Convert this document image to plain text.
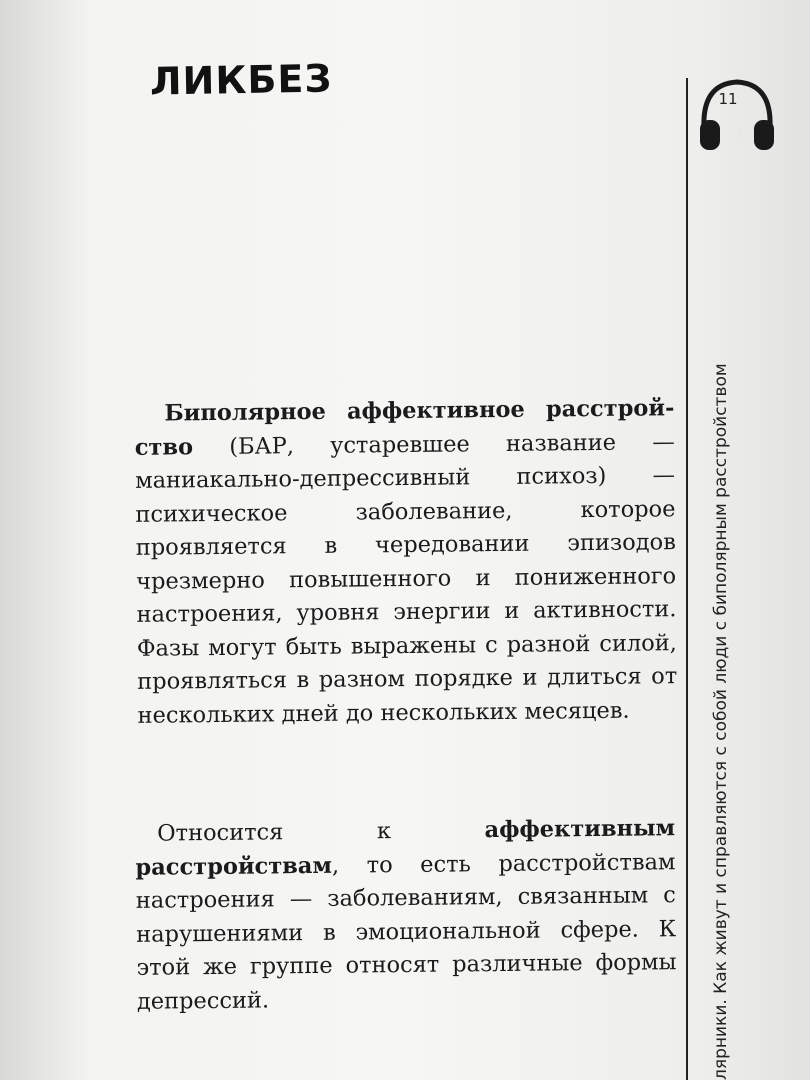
ЛИКБЕЗ	11
лярники. Как живут и справляются с собой люди с биполярным расстройством
Биполярное аффективное расстрой-ство (БАР, устаревшее название — маниакально-депрессивный психоз) — психическое заболевание, которое проявляется в чередовании эпизодов чрезмерно повышенного и пониженного настроения, уровня энергии и активности. Фазы могут быть выражены с разной силой, проявляться в разном порядке и длиться от нескольких дней до нескольких месяцев.
Относится к аффективным расстройствам, то есть расстройствам настроения — заболеваниям, связанным с нарушениями в эмоциональной сфере. К этой же группе относят различные формы депрессий.
